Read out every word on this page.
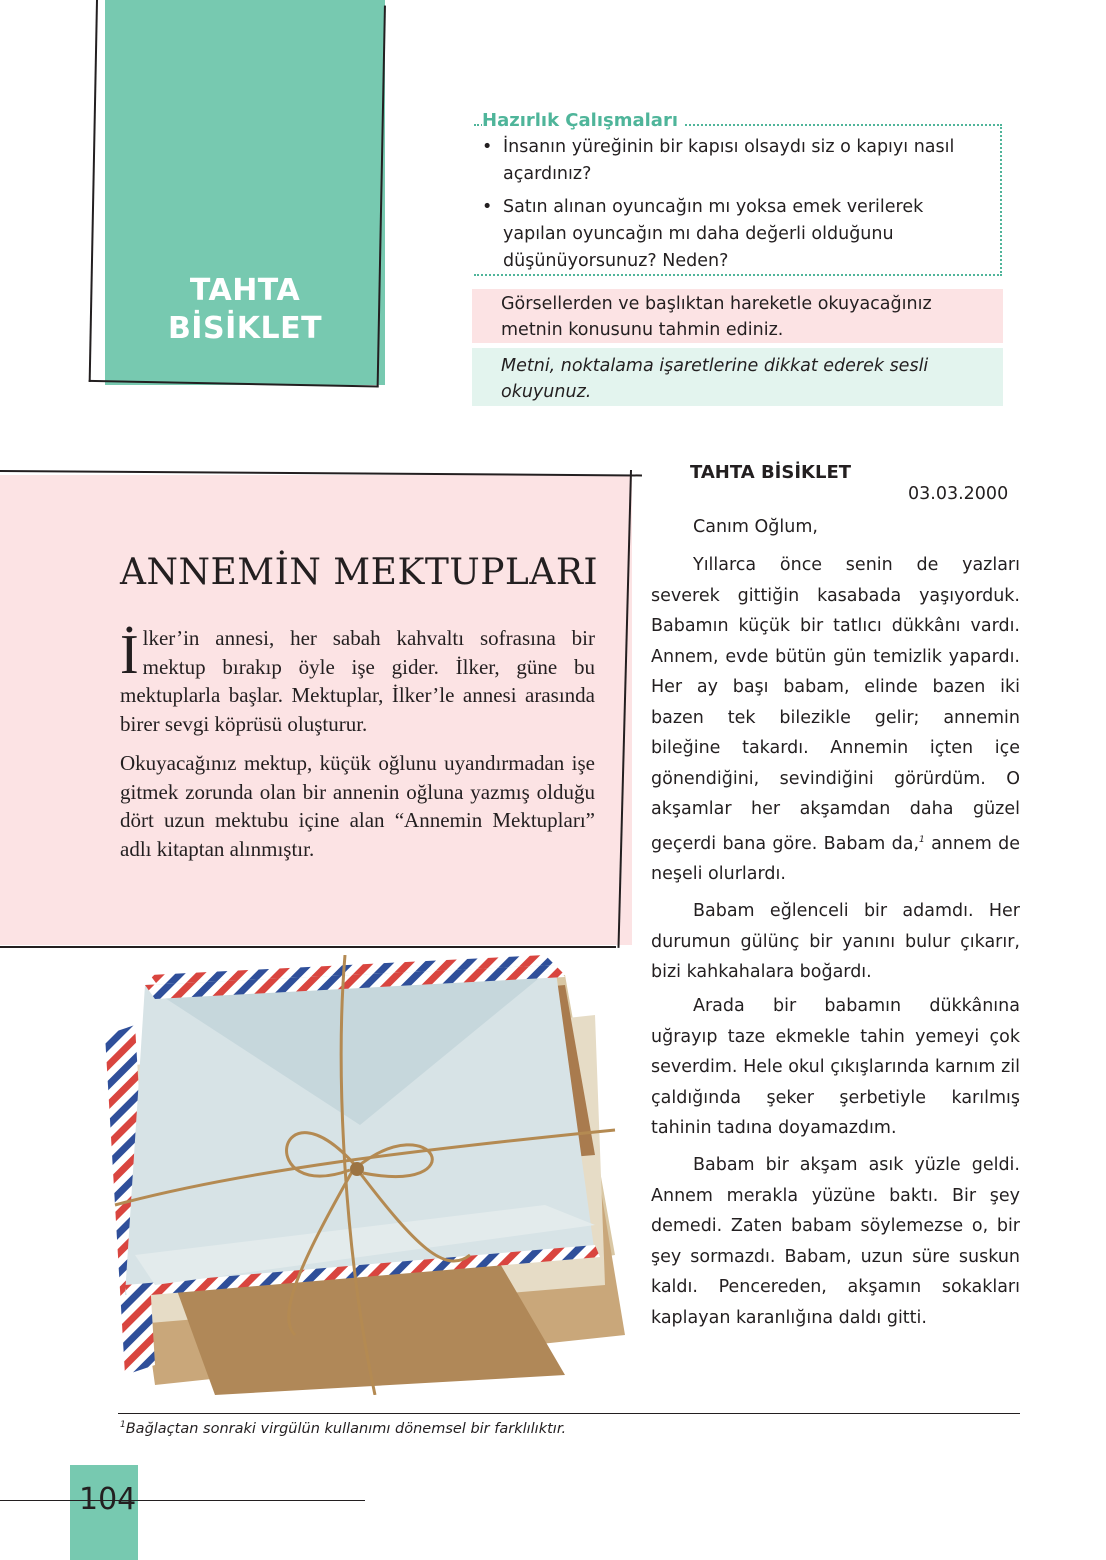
TAHTA
BİSİKLET
Hazırlık Çalışmaları
• İnsanın yüreğinin bir kapısı olsaydı siz o kapıyı nasıl açardınız?
• Satın alınan oyuncağın mı yoksa emek verilerek yapılan oyuncağın mı daha değerli olduğunu düşünüyorsunuz? Neden?
Görsellerden ve başlıktan hareketle okuyacağınız metnin konusunu tahmin ediniz.
Metni, noktalama işaretlerine dikkat ederek sesli okuyunuz.
ANNEMİN MEKTUPLARI
İlker’in annesi, her sabah kahvaltı sofrasına bir mektup bırakıp öyle işe gider. İlker, güne bu mektuplarla başlar. Mektuplar, İlker’le annesi arasında birer sevgi köprüsü oluşturur.
Okuyacağınız mektup, küçük oğlunu uyandırmadan işe gitmek zorunda olan bir annenin oğluna yazmış olduğu dört uzun mektubu içine alan “Annemin Mektupları” adlı kitaptan alınmıştır.
TAHTA BİSİKLET
03.03.2000
Canım Oğlum,
Yıllarca önce senin de yazları severek gittiğin kasabada yaşıyorduk. Babamın küçük bir tatlıcı dükkânı vardı. Annem, evde bütün gün temizlik yapardı. Her ay başı babam, elinde bazen iki bazen tek bilezikle gelir; annemin bileğine takardı. Annemin içten içe gönendiğini, sevindiğini görürdüm. O akşamlar her akşamdan daha güzel geçerdi bana göre. Babam da,$^1$ annem de neşeli olurlardı.
Babam eğlenceli bir adamdı. Her durumun gülünç bir yanını bulur çıkarır, bizi kahkahalara boğardı.
Arada bir babamın dükkânına uğrayıp taze ekmekle tahin yemeyi çok severdim. Hele okul çıkışlarında karnım zil çaldığında şeker şerbetiyle karılmış tahinin tadına doyamazdım.
Babam bir akşam asık yüzle geldi. Annem merakla yüzüne baktı. Bir şey demedi. Zaten babam söylemezse o, bir şey sormazdı. Babam, uzun süre suskun kaldı. Pencereden, akşamın sokakları kaplayan karanlığına daldı gitti.
$^1$Bağlaçtan sonraki virgülün kullanımı dönemsel bir farklılıktır.
104
